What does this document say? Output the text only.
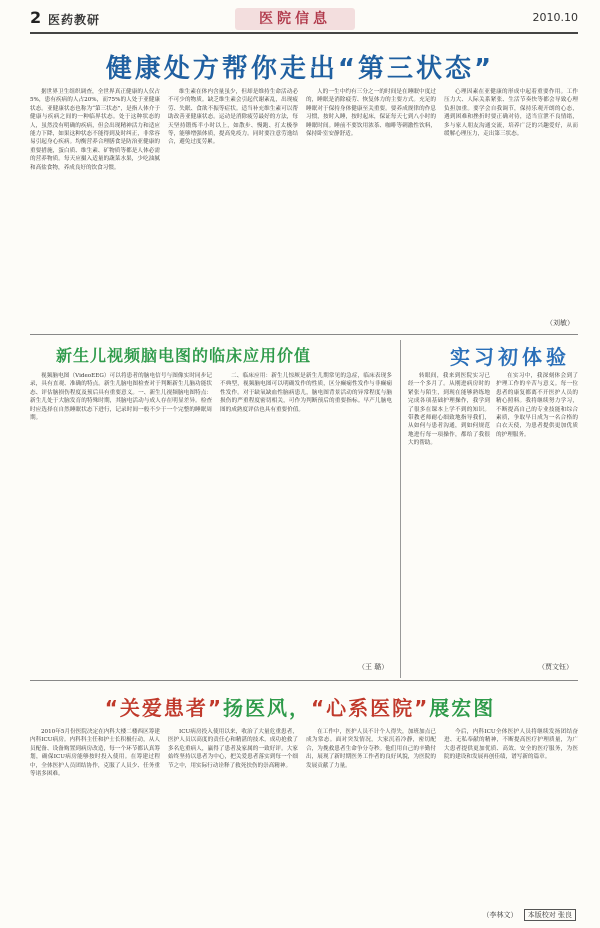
2 医药教研	医院信息	2010.10
健康处方帮你走出“第三状态”

据世界卫生组织调查，全世界真正健康的人仅占5%，患有疾病的人占20%，而75%的人处于亚健康状态。亚健康状态也称为“第三状态”，是指人体介于健康与疾病之间的一种临界状态。处于这种状态的人，虽然没有明确的疾病，但会出现精神活力和适应能力下降，如果这种状态不能得到及时纠正，非常容易引起身心疾病。均衡营养合理膳食是防治亚健康的重要措施，蛋白质、维生素、矿物质等都是人体必需的营养物质。每天应摄入适量的蔬菜水果，少吃油腻和高盐食物，养成良好的饮食习惯。

维生素在体内含量虽少，但却是维持生命活动必不可少的物质。缺乏维生素会引起代谢紊乱，出现疲劳、失眠、食欲不振等症状。适当补充维生素可以帮助改善亚健康状态。运动是消除疲劳最好的方法，每天坚持锻炼半小时以上，如散步、慢跑、打太极拳等，能够增强体质，提高免疫力。同时要注意劳逸结合，避免过度劳累。

人的一生中约有三分之一的时间是在睡眠中度过的，睡眠是消除疲劳、恢复体力的主要方式。充足的睡眠对于保持身体健康至关重要。要养成规律的作息习惯，按时入睡，按时起床，保证每天七到八小时的睡眠时间。睡前不要饮用浓茶、咖啡等刺激性饮料，保持卧室安静舒适。

心理因素在亚健康的形成中起着重要作用。工作压力大、人际关系紧张、生活节奏快等都会导致心理负担加重。要学会自我调节，保持乐观开朗的心态，遇到困难和挫折时要正确对待，适当宣泄不良情绪，多与家人朋友沟通交流，培养广泛的兴趣爱好，从而缓解心理压力，走出第三状态。

（刘敏）
新生儿视频脑电图的临床应用价值

视频脑电图（VideoEEG）可以将患者的脑电信号与图像实时同步记录，具有直观、准确的特点。新生儿脑电图检查对于判断新生儿脑功能状态、评估脑损伤程度及预后具有重要意义。一、新生儿视频脑电图特点：新生儿处于大脑发育的特殊时期，其脑电活动与成人存在明显差异。检查时应选择在自然睡眠状态下进行，记录时间一般不少于一个完整的睡眠周期。

二、临床应用：新生儿惊厥是新生儿期常见的急症，临床表现多不典型，视频脑电图可以明确发作的性质，区分癫痫性发作与非癫痫性发作。对于缺氧缺血性脑病患儿，脑电图背景活动的异常程度与脑损伤的严重程度密切相关，可作为判断预后的重要指标。早产儿脑电图的成熟度评估也具有重要价值。

（王 璐）
实习初体验

转眼间，我来到医院实习已经一个多月了。从刚进病房时的紧张与陌生，到现在能够熟练地完成各项基础护理操作，我学到了很多在课本上学不到的知识。带教老师耐心细致地指导我们，从如何与患者沟通，到如何规范地进行每一项操作，都给了我很大的帮助。

在实习中，我深刻体会到了护理工作的辛苦与意义。每一位患者的康复都离不开医护人员的精心照料。我将继续努力学习，不断提高自己的专业技能和综合素质，争取早日成为一名合格的白衣天使，为患者提供更加优质的护理服务。

（贾文钰）
“关爱患者”扬医风，“心系医院”展宏图

2010年5月份医院决定在内科大楼二楼西区筹建内科ICU病房。内科科主任和护士长积极行动，从人员配备、设备购置到病房改造，每一个环节都认真筹划，确保ICU病房能够按时投入使用。在筹建过程中，全体医护人员团结协作，克服了人员少、任务重等诸多困难。

ICU病房投入使用以来，收治了大量危重患者，医护人员以高度的责任心和精湛的技术，成功抢救了多名危重病人，赢得了患者及家属的一致好评。大家始终坚持以患者为中心，把关爱患者落实到每一个细节之中，用实际行动诠释了救死扶伤的崇高精神。

在工作中，医护人员不计个人得失，加班加点已成为常态。面对突发情况，大家沉着冷静，密切配合，为挽救患者生命争分夺秒。他们用自己的辛勤付出，展现了新时期医务工作者的良好风貌，为医院的发展贡献了力量。

今后，内科ICU全体医护人员将继续发扬团结奋进、无私奉献的精神，不断提高医疗护理质量，为广大患者提供更加优质、高效、安全的医疗服务，为医院的建设和发展再创佳绩，谱写新的篇章。

（李林文） 本版校对 张良
